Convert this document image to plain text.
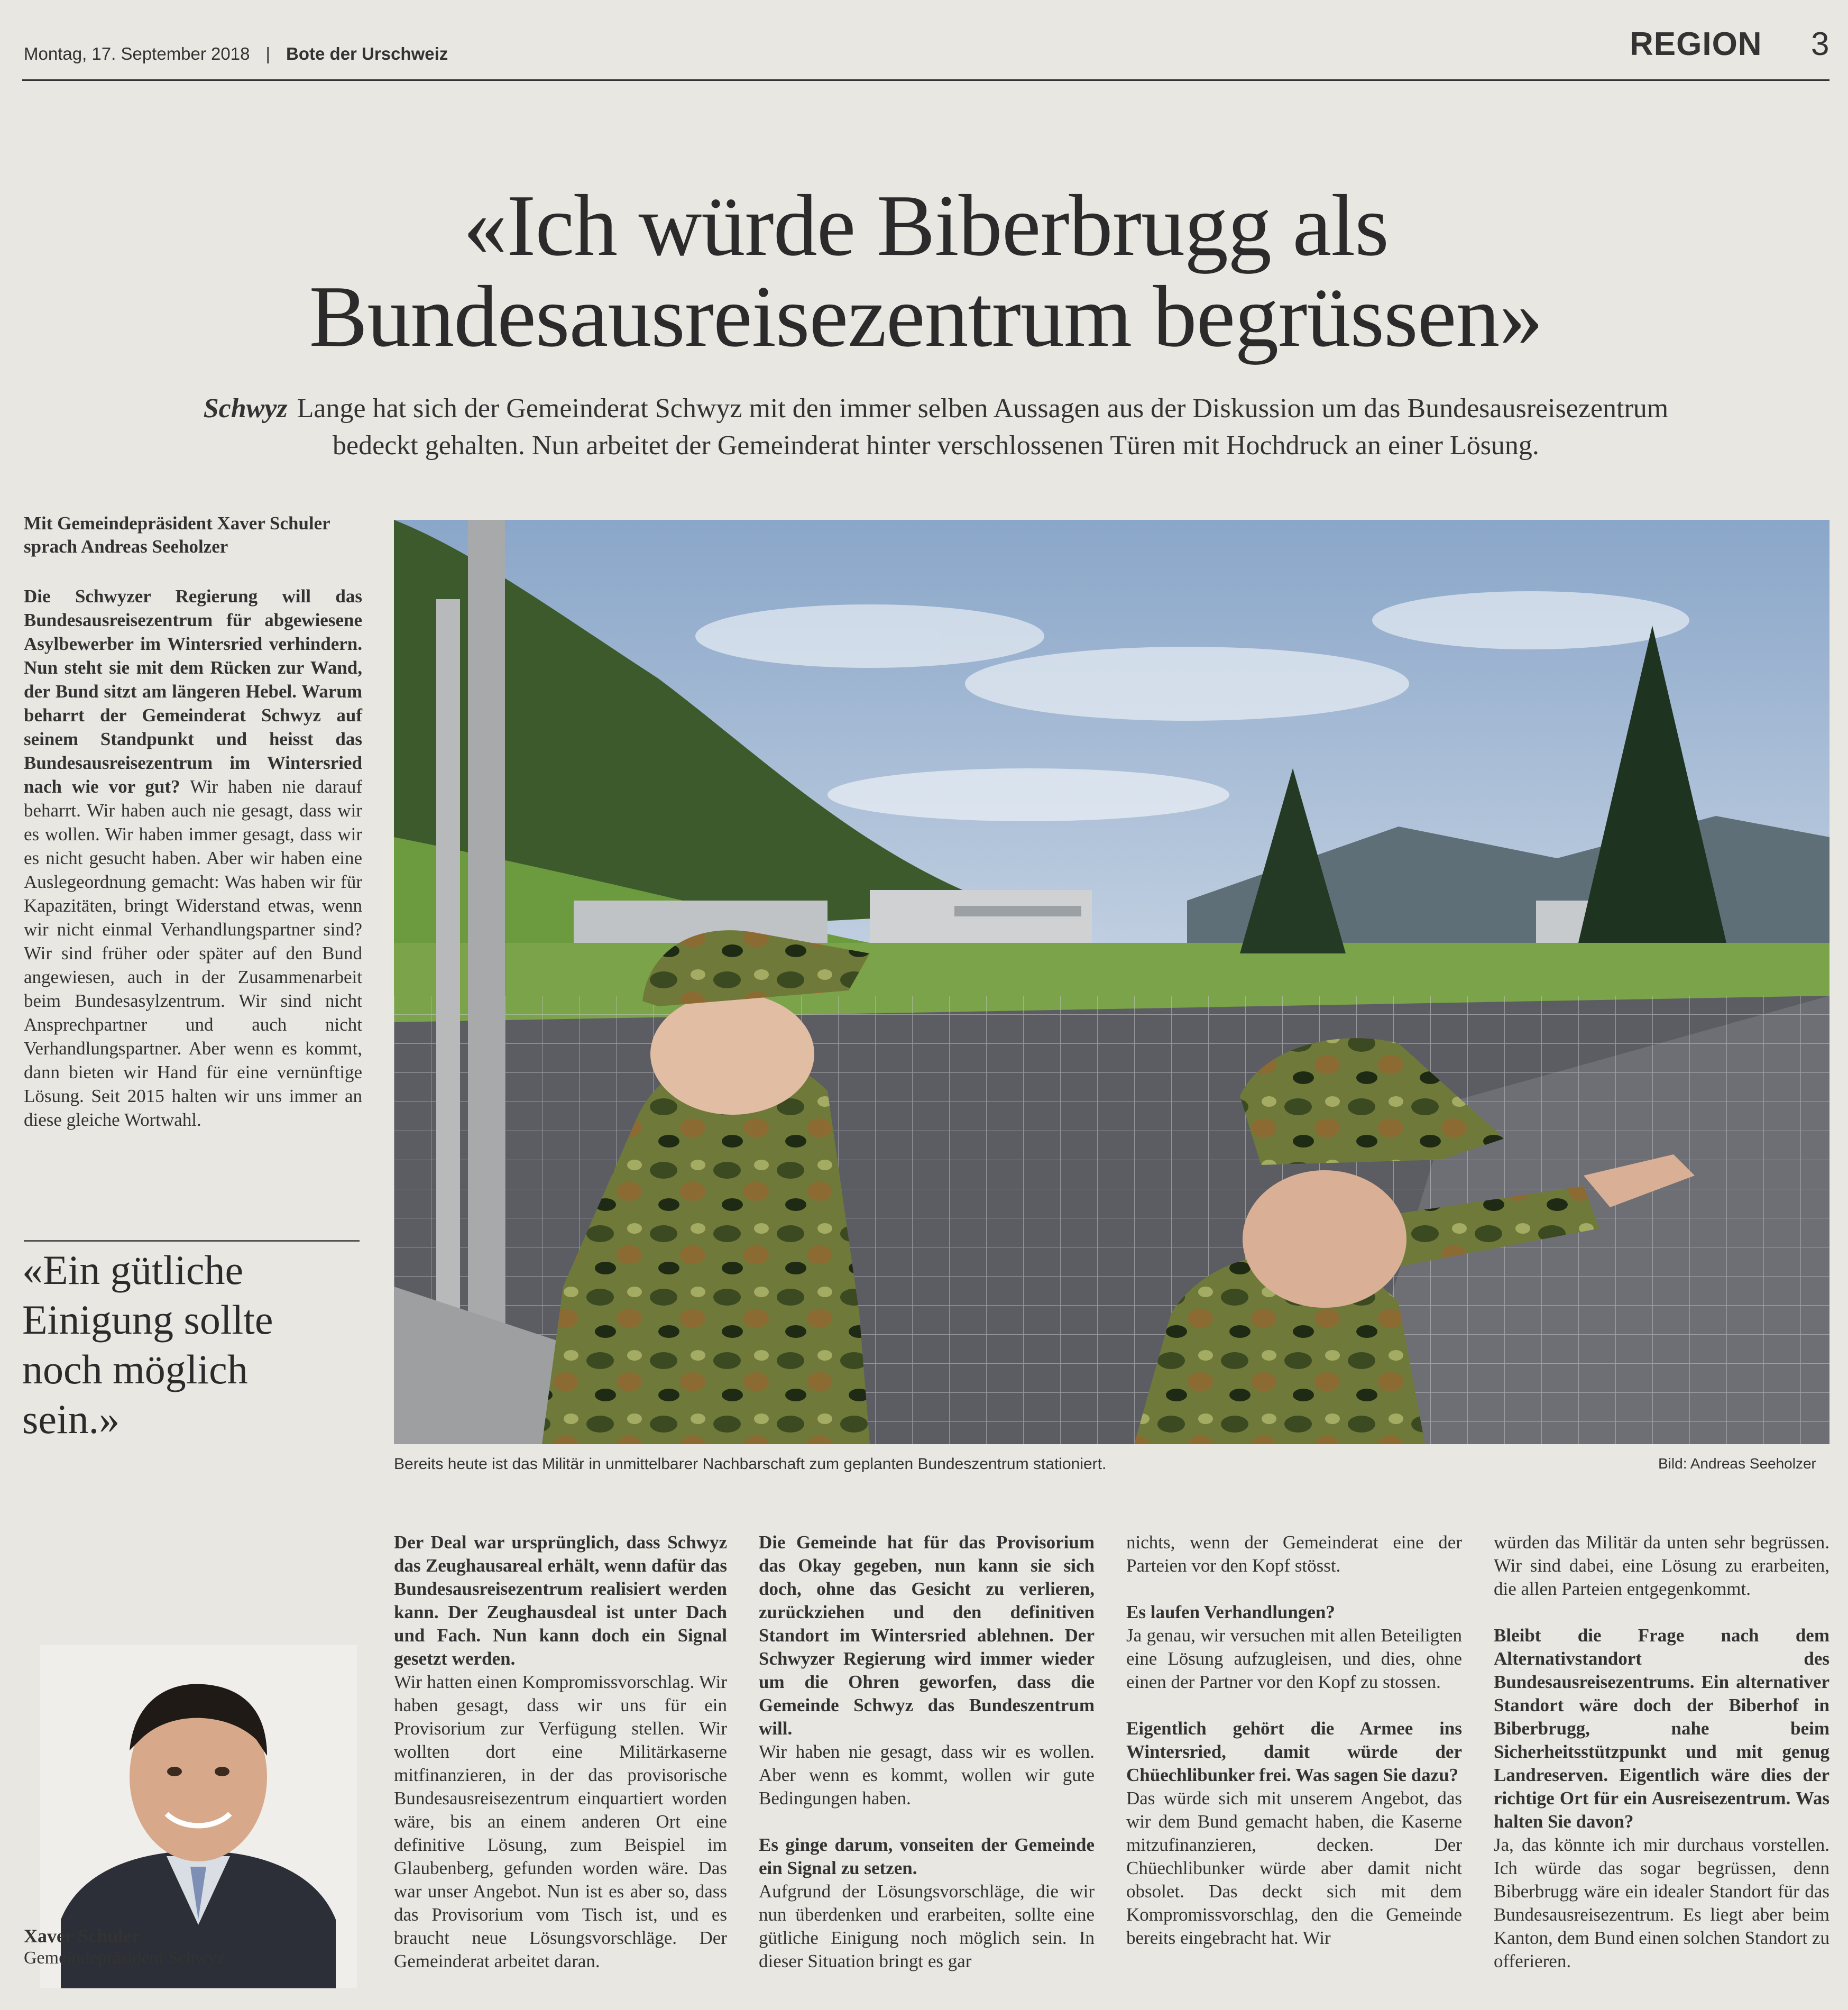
Montag, 17. September 2018 | Bote der Urschweiz	REGION 3
«Ich würde Biberbrugg als
Bundesausreisezentrum begrüssen»
Schwyz Lange hat sich der Gemeinderat Schwyz mit den immer selben Aussagen aus der Diskussion um das Bundesausreisezentrum
bedeckt gehalten. Nun arbeitet der Gemeinderat hinter verschlossenen Türen mit Hochdruck an einer Lösung.
Mit Gemeindepräsident Xaver Schuler sprach Andreas Seeholzer
Die Schwyzer Regierung will das Bundesausreisezentrum für abgewiesene Asylbewerber im Wintersried verhindern. Nun steht sie mit dem Rücken zur Wand, der Bund sitzt am längeren Hebel. Warum beharrt der Gemeinderat Schwyz auf seinem Standpunkt und heisst das Bundesausreisezentrum im Wintersried nach wie vor gut? Wir haben nie darauf beharrt. Wir haben auch nie gesagt, dass wir es wollen. Wir haben immer gesagt, dass wir es nicht gesucht haben. Aber wir haben eine Auslegeordnung gemacht: Was haben wir für Kapazitäten, bringt Widerstand etwas, wenn wir nicht einmal Verhandlungspartner sind? Wir sind früher oder später auf den Bund angewiesen, auch in der Zusammenarbeit beim Bundesasylzentrum. Wir sind nicht Ansprechpartner und auch nicht Verhandlungspartner. Aber wenn es kommt, dann bieten wir Hand für eine vernünftige Lösung. Seit 2015 halten wir uns immer an diese gleiche Wortwahl.
«Ein gütliche
Einigung sollte
noch möglich
sein.»
Bereits heute ist das Militär in unmittelbarer Nachbarschaft zum geplanten Bundeszentrum stationiert.	Bild: Andreas Seeholzer
Xaver Schuler
Gemeindepräsident Schwyz

Der Deal war ursprünglich, dass Schwyz das Zeughausareal erhält, wenn dafür das Bundesausreisezentrum realisiert werden kann. Der Zeughausdeal ist unter Dach und Fach. Nun kann doch ein Signal gesetzt werden.
Wir hatten einen Kompromissvorschlag. Wir haben gesagt, dass wir uns für ein Provisorium zur Verfügung stellen. Wir wollten dort eine Militärkaserne mitfinanzieren, in der das provisorische Bundesausreisezentrum einquartiert worden wäre, bis an einem anderen Ort eine definitive Lösung, zum Beispiel im Glaubenberg, gefunden worden wäre. Das war unser Angebot. Nun ist es aber so, dass das Provisorium vom Tisch ist, und es braucht neue Lösungsvorschläge. Der Gemeinderat arbeitet daran.

Die Gemeinde hat für das Provisorium das Okay gegeben, nun kann sie sich doch, ohne das Gesicht zu verlieren, zurückziehen und den definitiven Standort im Wintersried ablehnen. Der Schwyzer Regierung wird immer wieder um die Ohren geworfen, dass die Gemeinde Schwyz das Bundeszentrum will.
Wir haben nie gesagt, dass wir es wollen. Aber wenn es kommt, wollen wir gute Bedingungen haben.

Es ginge darum, vonseiten der Gemeinde ein Signal zu setzen.
Aufgrund der Lösungsvorschläge, die wir nun überdenken und erarbeiten, sollte eine gütliche Einigung noch möglich sein. In dieser Situation bringt es gar

nichts, wenn der Gemeinderat eine der Parteien vor den Kopf stösst.

Es laufen Verhandlungen?
Ja genau, wir versuchen mit allen Beteiligten eine Lösung aufzugleisen, und dies, ohne einen der Partner vor den Kopf zu stossen.

Eigentlich gehört die Armee ins Wintersried, damit würde der Chüechlibunker frei. Was sagen Sie dazu?
Das würde sich mit unserem Angebot, das wir dem Bund gemacht haben, die Kaserne mitzufinanzieren, decken. Der Chüechlibunker würde aber damit nicht obsolet. Das deckt sich mit dem Kompromissvorschlag, den die Gemeinde bereits eingebracht hat. Wir

würden das Militär da unten sehr begrüssen. Wir sind dabei, eine Lösung zu erarbeiten, die allen Parteien entgegenkommt.

Bleibt die Frage nach dem Alternativstandort des Bundesausreisezentrums. Ein alternativer Standort wäre doch der Biberhof in Biberbrugg, nahe beim Sicherheitsstützpunkt und mit genug Landreserven. Eigentlich wäre dies der richtige Ort für ein Ausreisezentrum. Was halten Sie davon?
Ja, das könnte ich mir durchaus vorstellen. Ich würde das sogar begrüssen, denn Biberbrugg wäre ein idealer Standort für das Bundesausreisezentrum. Es liegt aber beim Kanton, dem Bund einen solchen Standort zu offerieren.
